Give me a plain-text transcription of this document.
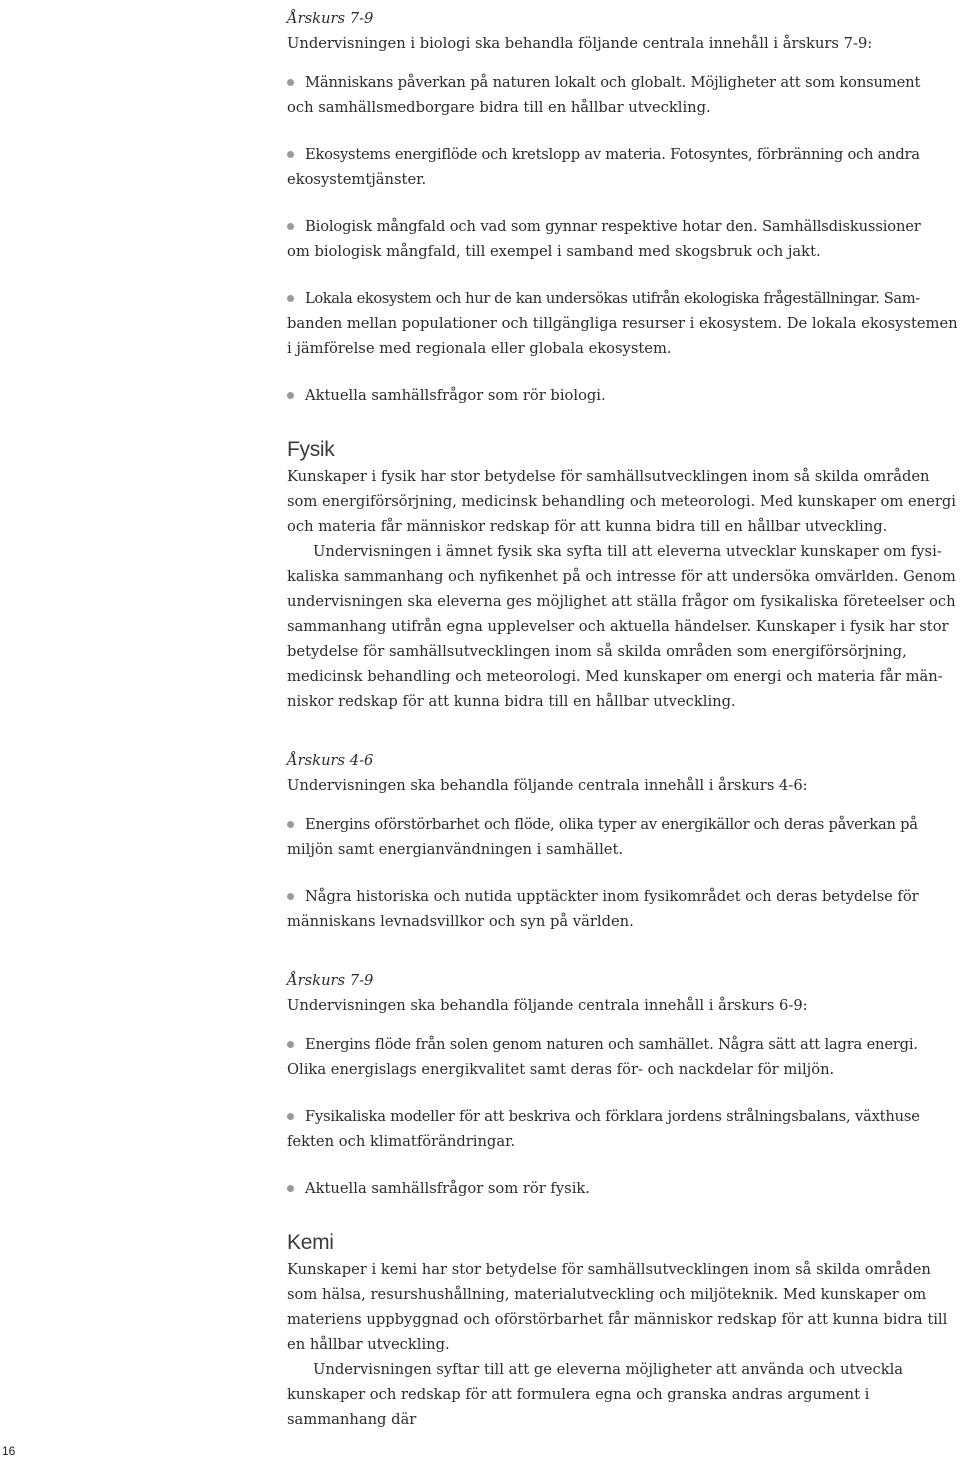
Årskurs 7-9

Undervisningen i biologi ska behandla följande centrala innehåll i årskurs 7-9:

Människans påverkan på naturen lokalt och globalt. Möjligheter att som konsument
och samhällsmedborgare bidra till en hållbar utveckling.

Ekosystems energiflöde och kretslopp av materia. Fotosyntes, förbränning och andra
ekosystemtjänster.

Biologisk mångfald och vad som gynnar respektive hotar den. Samhällsdiskussioner
om biologisk mångfald, till exempel i samband med skogsbruk och jakt.

Lokala ekosystem och hur de kan undersökas utifrån ekologiska frågeställningar. Sam-
banden mellan populationer och tillgängliga resurser i ekosystem. De lokala ekosystemen i jämförelse med regionala eller globala ekosystem.

Aktuella samhällsfrågor som rör biologi.

Fysik

Kunskaper i fysik har stor betydelse för samhällsutvecklingen inom så skilda områden som energiförsörjning, medicinsk behandling och meteorologi. Med kunskaper om energi och materia får människor redskap för att kunna bidra till en hållbar utveckling.

Undervisningen i ämnet fysik ska syfta till att eleverna utvecklar kunskaper om fysikaliska sammanhang och nyfikenhet på och intresse för att undersöka omvärlden. Genom undervisningen ska eleverna ges möjlighet att ställa frågor om fysikaliska företeelser och sammanhang utifrån egna upplevelser och aktuella händelser. Kunskaper i fysik har stor betydelse för samhällsutvecklingen inom så skilda områden som energiförsörjning, medicinsk behandling och meteorologi. Med kunskaper om energi och materia får människor redskap för att kunna bidra till en hållbar utveckling.

Årskurs 4-6

Undervisningen ska behandla följande centrala innehåll i årskurs 4-6:

Energins oförstörbarhet och flöde, olika typer av energikällor och deras påverkan på
miljön samt energianvändningen i samhället.

Några historiska och nutida upptäckter inom fysikområdet och deras betydelse för
människans levnadsvillkor och syn på världen.

Årskurs 7-9

Undervisningen ska behandla följande centrala innehåll i årskurs 6-9:

Energins flöde från solen genom naturen och samhället. Några sätt att lagra energi.
Olika energislags energikvalitet samt deras för- och nackdelar för miljön.

Fysikaliska modeller för att beskriva och förklara jordens strålningsbalans, växthuse
fekten och klimatförändringar.

Aktuella samhällsfrågor som rör fysik.

Kemi

Kunskaper i kemi har stor betydelse för samhällsutvecklingen inom så skilda områden som hälsa, resurshushållning, materialutveckling och miljöteknik. Med kunskaper om materiens uppbyggnad och oförstörbarhet får människor redskap för att kunna bidra till en hållbar utveckling.

Undervisningen syftar till att ge eleverna möjligheter att använda och utveckla kunskaper och redskap för att formulera egna och granska andras argument i sammanhang där

16
